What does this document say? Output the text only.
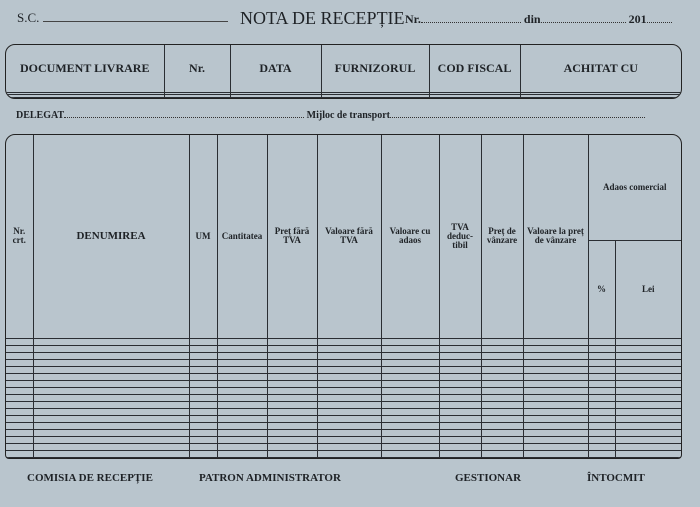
S.C.	NOTA DE RECEPȚIE Nr.	din	201
DOCUMENT LIVRARE	Nr.	DATA	FURNIZORUL	COD FISCAL	ACHITAT CU

DELEGAT	Mijloc de transport
Nr. crt.	DENUMIREA	UM	Cantitatea	Preț fără TVA	Valoare fără TVA	Valoare cu adaos	TVA deduc-tibil	Preț de vânzare	Valoare la preț de vânzare	Adaos comercial	
										%	Lei

COMISIA DE RECEPȚIE	PATRON ADMINISTRATOR	GESTIONAR	ÎNTOCMIT
